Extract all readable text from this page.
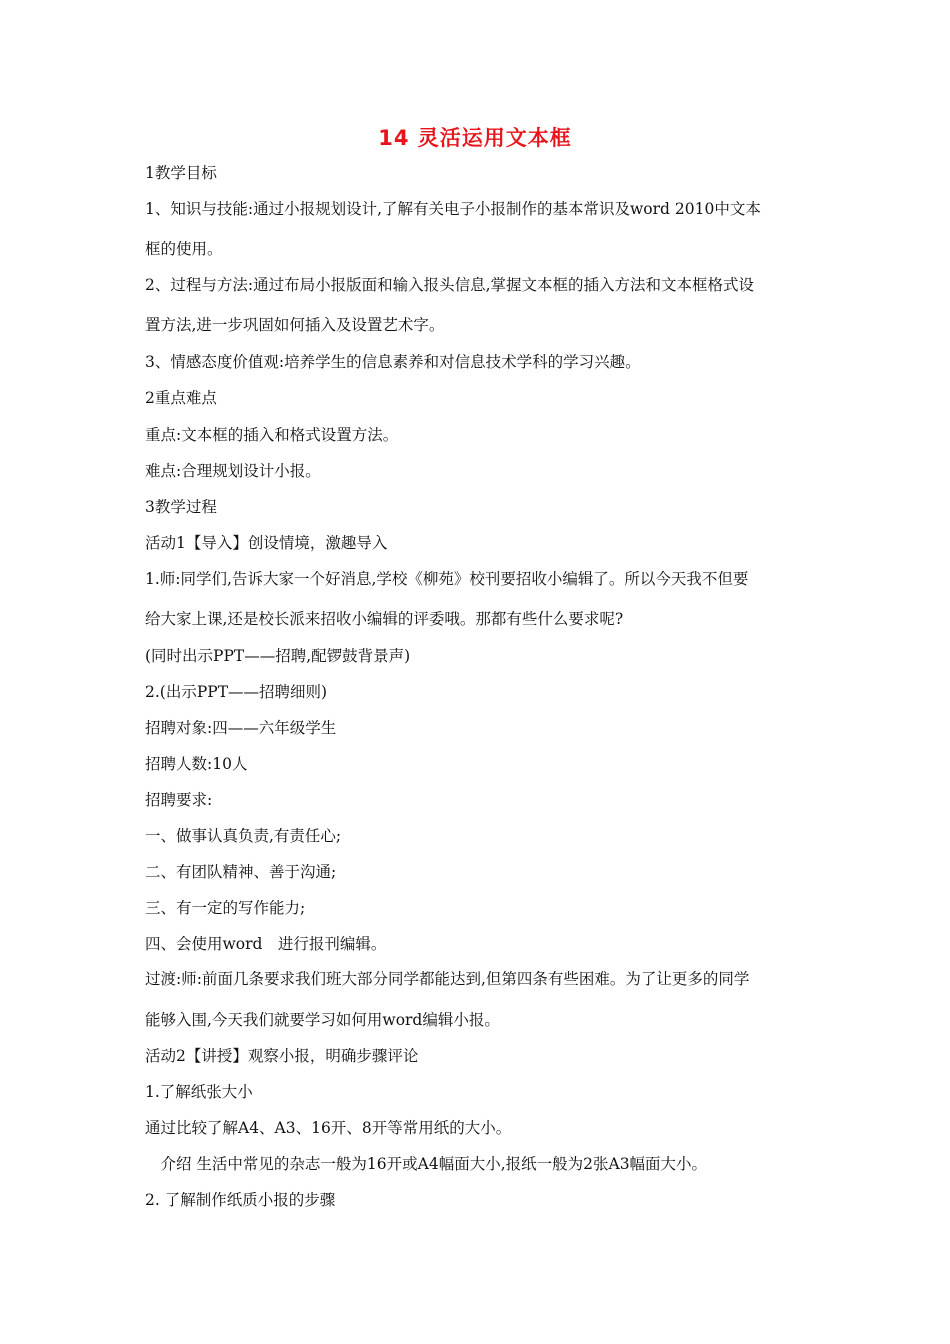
14 灵活运用文本框
1教学目标
1、知识与技能:通过小报规划设计,了解有关电子小报制作的基本常识及word 2010中文本
框的使用。
2、过程与方法:通过布局小报版面和输入报头信息,掌握文本框的插入方法和文本框格式设
置方法,进一步巩固如何插入及设置艺术字。
3、情感态度价值观:培养学生的信息素养和对信息技术学科的学习兴趣。
2重点难点
重点:文本框的插入和格式设置方法。
难点:合理规划设计小报。
3教学过程
活动1【导入】创设情境，激趣导入
1.师:同学们,告诉大家一个好消息,学校《柳苑》校刊要招收小编辑了。所以今天我不但要
给大家上课,还是校长派来招收小编辑的评委哦。那都有些什么要求呢?
(同时出示PPT——招聘,配锣鼓背景声)
2.(出示PPT——招聘细则)
招聘对象:四——六年级学生
招聘人数:10人
招聘要求:
一、做事认真负责,有责任心;
二、有团队精神、善于沟通;
三、有一定的写作能力;
四、会使用word　进行报刊编辑。
过渡:师:前面几条要求我们班大部分同学都能达到,但第四条有些困难。为了让更多的同学
能够入围,今天我们就要学习如何用word编辑小报。
活动2【讲授】观察小报，明确步骤评论
1.了解纸张大小
通过比较了解A4、A3、16开、8开等常用纸的大小。
　介绍 生活中常见的杂志一般为16开或A4幅面大小,报纸一般为2张A3幅面大小。
2. 了解制作纸质小报的步骤
